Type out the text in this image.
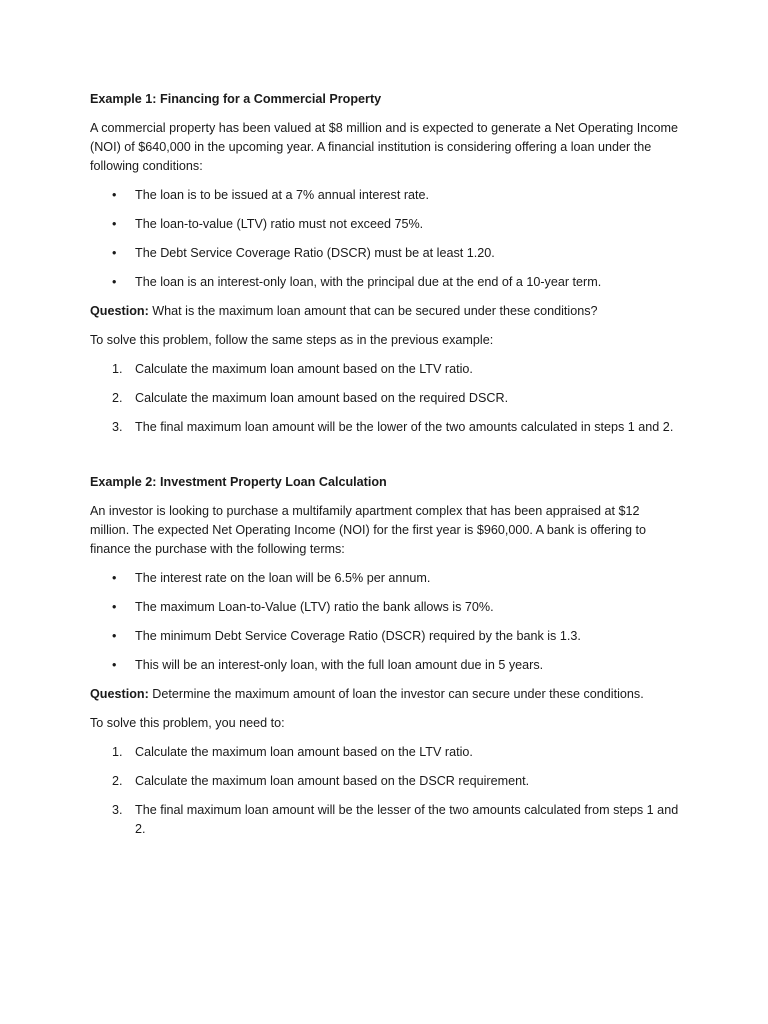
Example 1: Financing for a Commercial Property
A commercial property has been valued at $8 million and is expected to generate a Net Operating Income (NOI) of $640,000 in the upcoming year. A financial institution is considering offering a loan under the following conditions:
• The loan is to be issued at a 7% annual interest rate.
• The loan-to-value (LTV) ratio must not exceed 75%.
• The Debt Service Coverage Ratio (DSCR) must be at least 1.20.
• The loan is an interest-only loan, with the principal due at the end of a 10-year term.
Question: What is the maximum loan amount that can be secured under these conditions?
To solve this problem, follow the same steps as in the previous example:
1. Calculate the maximum loan amount based on the LTV ratio.
2. Calculate the maximum loan amount based on the required DSCR.
3. The final maximum loan amount will be the lower of the two amounts calculated in steps 1 and 2.
Example 2: Investment Property Loan Calculation
An investor is looking to purchase a multifamily apartment complex that has been appraised at $12 million. The expected Net Operating Income (NOI) for the first year is $960,000. A bank is offering to finance the purchase with the following terms:
• The interest rate on the loan will be 6.5% per annum.
• The maximum Loan-to-Value (LTV) ratio the bank allows is 70%.
• The minimum Debt Service Coverage Ratio (DSCR) required by the bank is 1.3.
• This will be an interest-only loan, with the full loan amount due in 5 years.
Question: Determine the maximum amount of loan the investor can secure under these conditions.
To solve this problem, you need to:
1. Calculate the maximum loan amount based on the LTV ratio.
2. Calculate the maximum loan amount based on the DSCR requirement.
3. The final maximum loan amount will be the lesser of the two amounts calculated from steps 1 and 2.
